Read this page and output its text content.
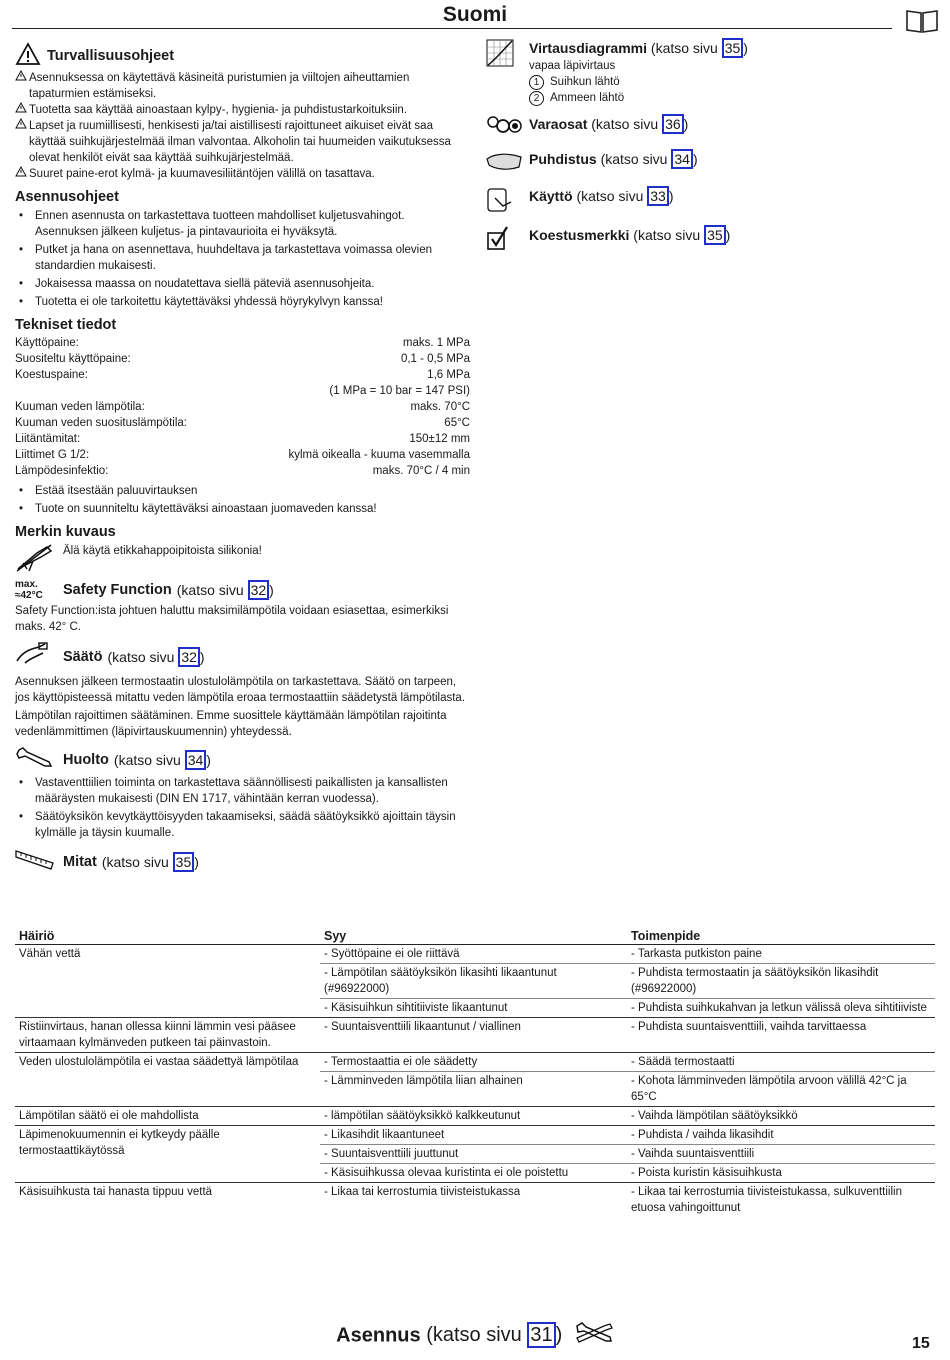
Suomi
Turvallisuusohjeet
Asennuksessa on käytettävä käsineitä puristumien ja viiltojen aiheuttamien tapaturmien estämiseksi.
Tuotetta saa käyttää ainoastaan kylpy-, hygienia- ja puhdistustarkoituksiin.
Lapset ja ruumiillisesti, henkisesti ja/tai aistillisesti rajoittuneet aikuiset eivät saa käyttää suihkujärjestelmää ilman valvontaa. Alkoholin tai huumeiden vaikutuksessa olevat henkilöt eivät saa käyttää suihkujärjestelmää.
Suuret paine-erot kylmä- ja kuumavesiliitäntöjen välillä on tasattava.
Asennusohjeet
•	Ennen asennusta on tarkastettava tuotteen mahdolliset kuljetusvahingot. Asennuksen jälkeen kuljetus- ja pintavaurioita ei hyväksytä.
•	Putket ja hana on asennettava, huuhdeltava ja tarkastettava voimassa olevien standardien mukaisesti.
•	Jokaisessa maassa on noudatettava siellä päteviä asennusohjeita.
•	Tuotetta ei ole tarkoitettu käytettäväksi yhdessä höyrykylvyn kanssa!
Tekniset tiedot
Käyttöpaine:	maks. 1 MPa
Suositeltu käyttöpaine:	0,1 - 0,5 MPa
Koestuspaine:	1,6 MPa
(1 MPa = 10 bar = 147 PSI)
Kuuman veden lämpötila:	maks. 70°C
Kuuman veden suosituslämpötila:	65°C
Liitäntämitat:	150±12 mm
Liittimet G 1/2:	kylmä oikealla - kuuma vasemmalla
Lämpödesinfektio:	maks. 70°C / 4 min
•	Estää itsestään paluuvirtauksen
•	Tuote on suunniteltu käytettäväksi ainoastaan juomaveden kanssa!
Merkin kuvaus
Älä käytä etikkahappoipitoista silikonia!
max.
≈42°C	Safety Function (katso sivu 32 )
Safety Function:ista johtuen haluttu maksimilämpötila voidaan esiasettaa, esimerkiksi maks. 42° C.
Säätö (katso sivu 32 )
Asennuksen jälkeen termostaatin ulostulolämpötila on tarkastettava. Säätö on tarpeen, jos käyttöpisteessä mitattu veden lämpötila eroaa termostaattiin säädetystä lämpötilasta.
Lämpötilan rajoittimen säätäminen. Emme suosittele käyttämään lämpötilan rajoitinta vedenlämmittimen (läpivirtauskuumennin) yhteydessä.
Huolto (katso sivu 34 )
•	Vastaventtiilien toiminta on tarkastettava säännöllisesti paikallisten ja kansallisten määräysten mukaisesti (DIN EN 1717, vähintään kerran vuodessa).
•	Säätöyksikön kevytkäyttöisyyden takaamiseksi, säädä säätöyksikkö ajoittain täysin kylmälle ja täysin kuumalle.
Mitat (katso sivu 35 )
Virtausdiagrammi (katso sivu 35 )
vapaa läpivirtaus
1 Suihkun lähtö
2 Ammeen lähtö
Varaosat (katso sivu 36 )
Puhdistus (katso sivu 34 )
Käyttö (katso sivu 33 )
Koestusmerkki (katso sivu 35 )
Häiriö	Syy	Toimenpide
Vähän vettä	- Syöttöpaine ei ole riittävä	- Tarkasta putkiston paine
	- Lämpötilan säätöyksikön likasihti likaantunut (#96922000)	- Puhdista termostaatin ja säätöyksikön likasihdit (#96922000)
	- Käsisuihkun sihtitiiviste likaantunut	- Puhdista suihkukahvan ja letkun välissä oleva sihtitiiviste
Ristiinvirtaus, hanan ollessa kiinni lämmin vesi pääsee virtaamaan kylmänveden putkeen tai päinvastoin.	- Suuntaisventtiili likaantunut / viallinen	- Puhdista suuntaisventtiili, vaihda tarvittaessa
Veden ulostulolämpötila ei vastaa säädettyä lämpötilaa	- Termostaattia ei ole säädetty	- Säädä termostaatti
	- Lämminveden lämpötila liian alhainen	- Kohota lämminveden lämpötila arvoon välillä 42°C ja 65°C
Lämpötilan säätö ei ole mahdollista	- lämpötilan säätöyksikkö kalkkeutunut	- Vaihda lämpötilan säätöyksikkö
Läpimenokuumennin ei kytkeydy päälle termostaattikäytössä	- Likasihdit likaantuneet	- Puhdista / vaihda likasihdit
	- Suuntaisventtiili juuttunut	- Vaihda suuntaisventtiili
	- Käsisuihkussa olevaa kuristinta ei ole poistettu	- Poista kuristin käsisuihkusta
Käsisuihkusta tai hanasta tippuu vettä	- Likaa tai kerrostumia tiivisteistukassa	- Likaa tai kerrostumia tiivisteistukassa, sulkuventtiilin etuosa vahingoittunut
Asennus (katso sivu 31 )	15
